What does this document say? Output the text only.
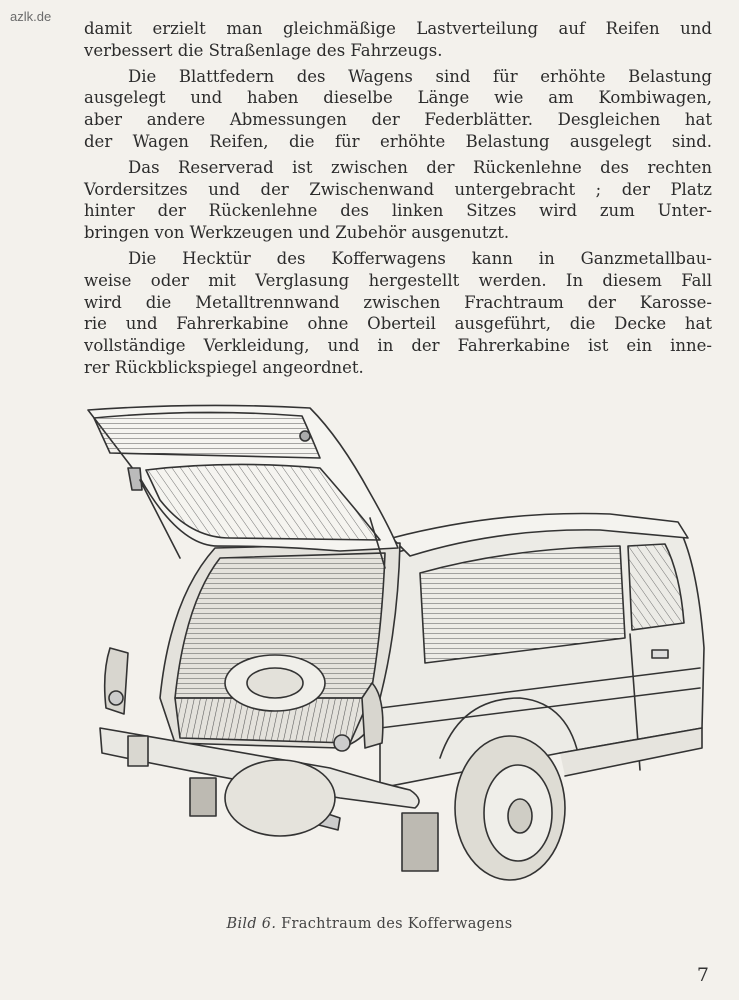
azlk.de
damit erzielt man gleichmäßige Lastverteilung auf Reifen und
verbessert die Straßenlage des Fahrzeugs.
Die Blattfedern des Wagens sind für erhöhte Belastung
ausgelegt und haben dieselbe Länge wie am Kombiwagen,
aber andere Abmessungen der Federblätter. Desgleichen hat
der Wagen Reifen, die für erhöhte Belastung ausgelegt sind.
Das Reserverad ist zwischen der Rückenlehne des rechten
Vordersitzes und der Zwischenwand untergebracht ; der Platz
hinter der Rückenlehne des linken Sitzes wird zum Unter-
bringen von Werkzeugen und Zubehör ausgenutzt.
Die Hecktür des Kofferwagens kann in Ganzmetallbau-
weise oder mit Verglasung hergestellt werden. In diesem Fall
wird die Metalltrennwand zwischen Frachtraum der Karosse-
rie und Fahrerkabine ohne Oberteil ausgeführt, die Decke hat
vollständige Verkleidung, und in der Fahrerkabine ist ein inne-
rer Rückblickspiegel angeordnet.
Bild 6. Frachtraum des Kofferwagens
7
